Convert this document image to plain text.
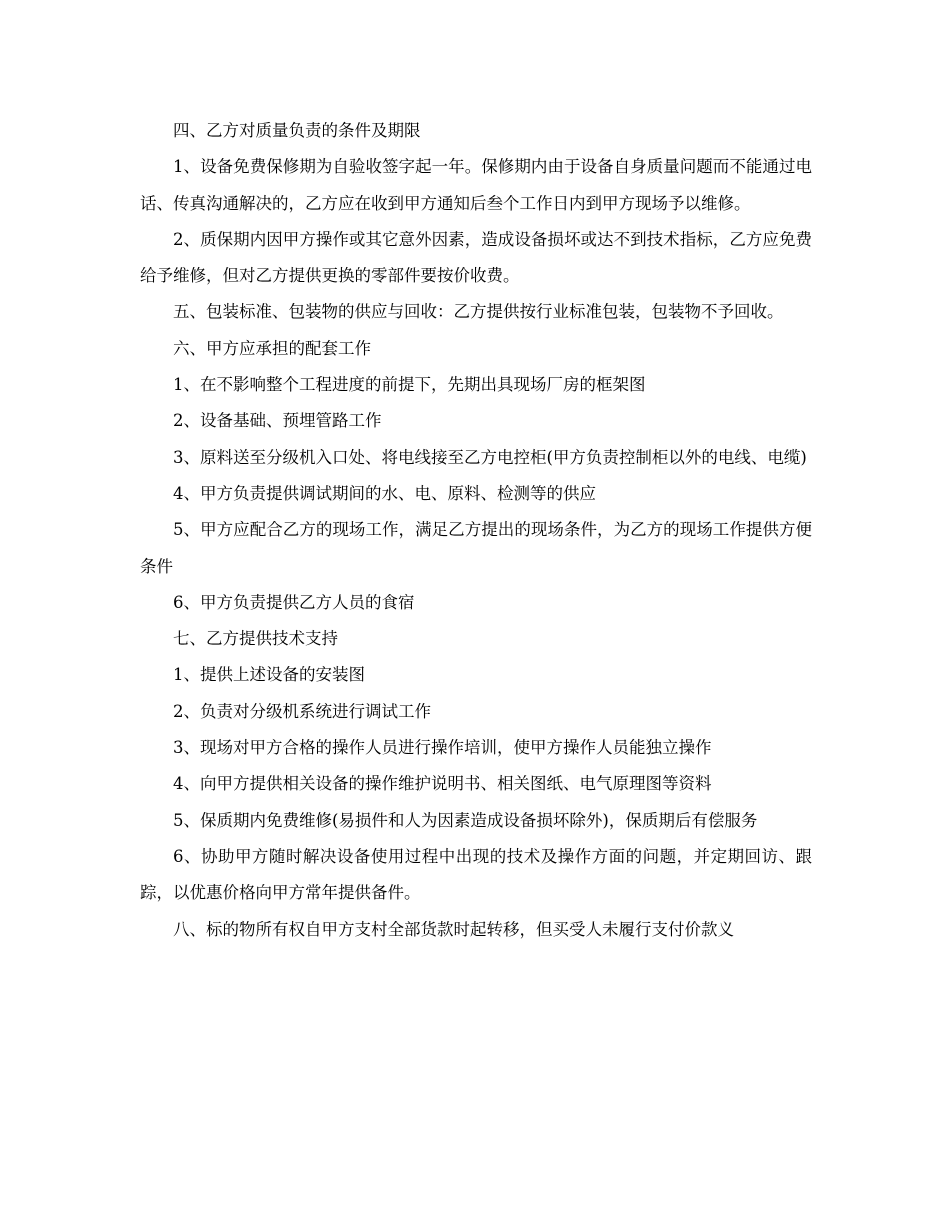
四、乙方对质量负责的条件及期限

1、设备免费保修期为自验收签字起一年。保修期内由于设备自身质量问题而不能通过电话、传真沟通解决的，乙方应在收到甲方通知后叁个工作日内到甲方现场予以维修。

2、质保期内因甲方操作或其它意外因素，造成设备损坏或达不到技术指标，乙方应免费给予维修，但对乙方提供更换的零部件要按价收费。

五、包装标准、包装物的供应与回收：乙方提供按行业标准包装，包装物不予回收。

六、甲方应承担的配套工作

1、在不影响整个工程进度的前提下，先期出具现场厂房的框架图

2、设备基础、预埋管路工作

3、原料送至分级机入口处、将电线接至乙方电控柜(甲方负责控制柜以外的电线、电缆)

4、甲方负责提供调试期间的水、电、原料、检测等的供应

5、甲方应配合乙方的现场工作，满足乙方提出的现场条件，为乙方的现场工作提供方便条件

6、甲方负责提供乙方人员的食宿

七、乙方提供技术支持

1、提供上述设备的安装图

2、负责对分级机系统进行调试工作

3、现场对甲方合格的操作人员进行操作培训，使甲方操作人员能独立操作

4、向甲方提供相关设备的操作维护说明书、相关图纸、电气原理图等资料

5、保质期内免费维修(易损件和人为因素造成设备损坏除外)，保质期后有偿服务

6、协助甲方随时解决设备使用过程中出现的技术及操作方面的问题，并定期回访、跟踪，以优惠价格向甲方常年提供备件。

八、标的物所有权自甲方支村全部货款时起转移，但买受人未履行支付价款义
